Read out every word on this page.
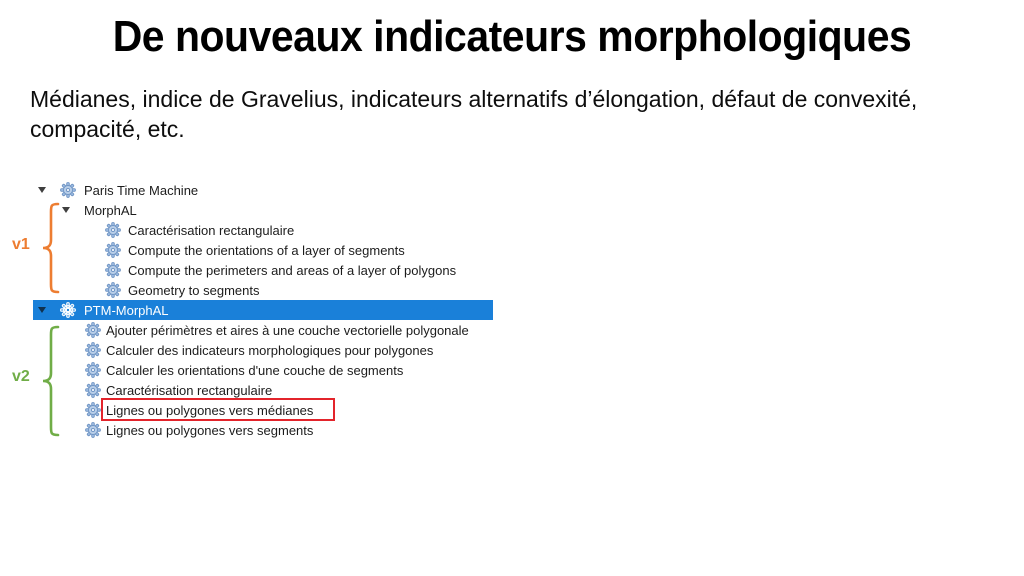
De nouveaux indicateurs morphologiques
Médianes, indice de Gravelius, indicateurs alternatifs d’élongation, défaut de convexité,
compacité, etc.
Paris Time Machine
MorphAL
Caractérisation rectangulaire
Compute the orientations of a layer of segments
Compute the perimeters and areas of a layer of polygons
Geometry to segments
PTM-MorphAL
Ajouter périmètres et aires à une couche vectorielle polygonale
Calculer des indicateurs morphologiques pour polygones
Calculer les orientations d'une couche de segments
Caractérisation rectangulaire
Lignes ou polygones vers médianes
Lignes ou polygones vers segments
v1
v2
